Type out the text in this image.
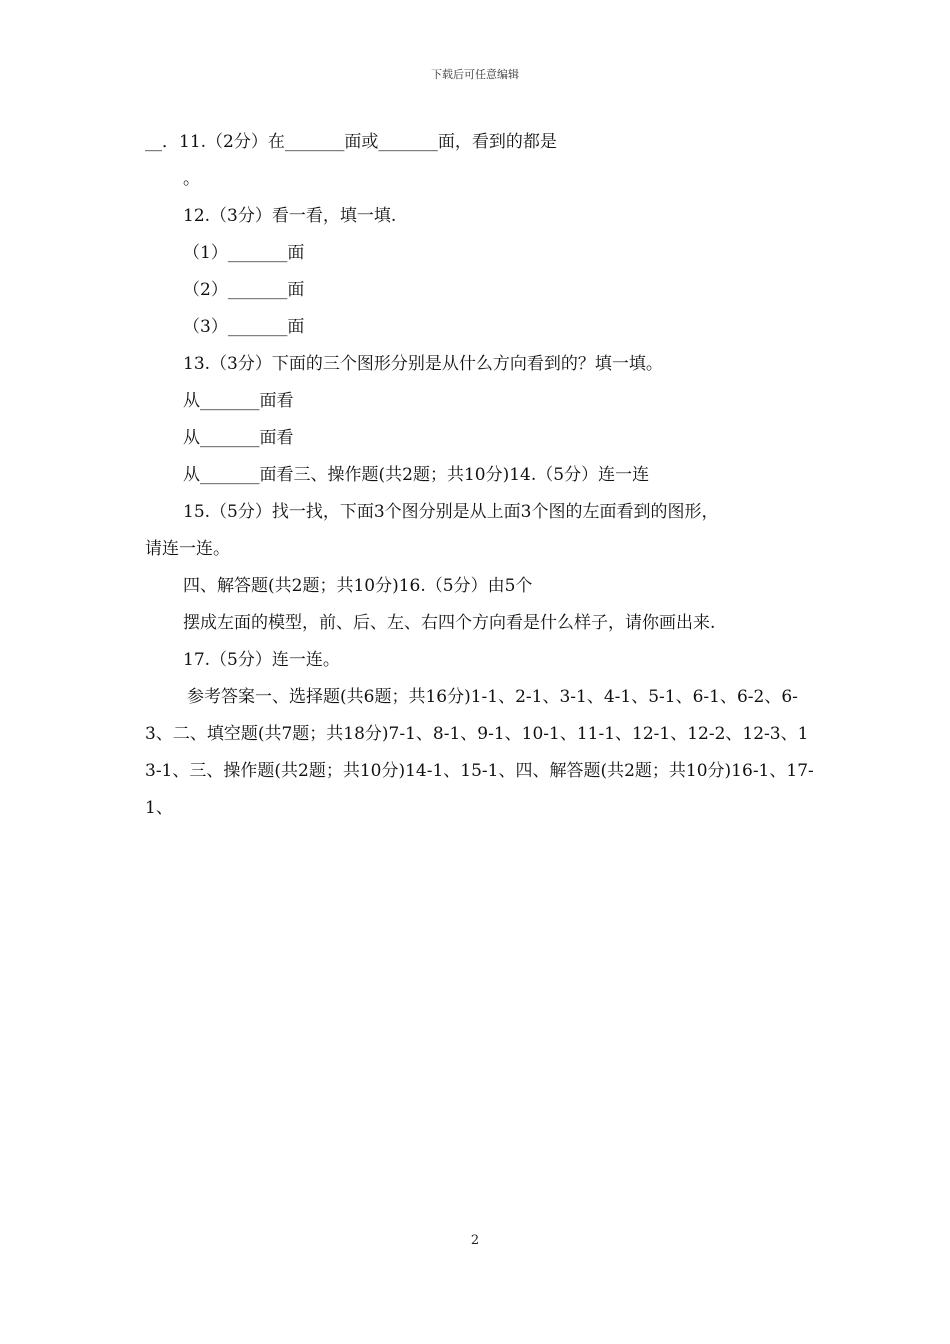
下载后可任意编辑
__．11.（2分）在_______面或_______面，看到的都是
。
12.（3分）看一看，填一填.
（1）_______面
（2）_______面
（3）_______面
13.（3分）下面的三个图形分别是从什么方向看到的？填一填。
从_______面看
从_______面看
从_______面看三、操作题(共2题；共10分)14.（5分）连一连
15.（5分）找一找，下面3个图分别是从上面3个图的左面看到的图形，
请连一连。
四、解答题(共2题；共10分)16.（5分）由5个
摆成左面的模型，前、后、左、右四个方向看是什么样子，请你画出来.
17.（5分）连一连。
参考答案一、选择题(共6题；共16分)1-1、2-1、3-1、4-1、5-1、6-1、6-2、6-3、二、填空题(共7题；共18分)7-1、8-1、9-1、10-1、11-1、12-1、12-2、12-3、13-1、三、操作题(共2题；共10分)14-1、15-1、四、解答题(共2题；共10分)16-1、17-1、
2
